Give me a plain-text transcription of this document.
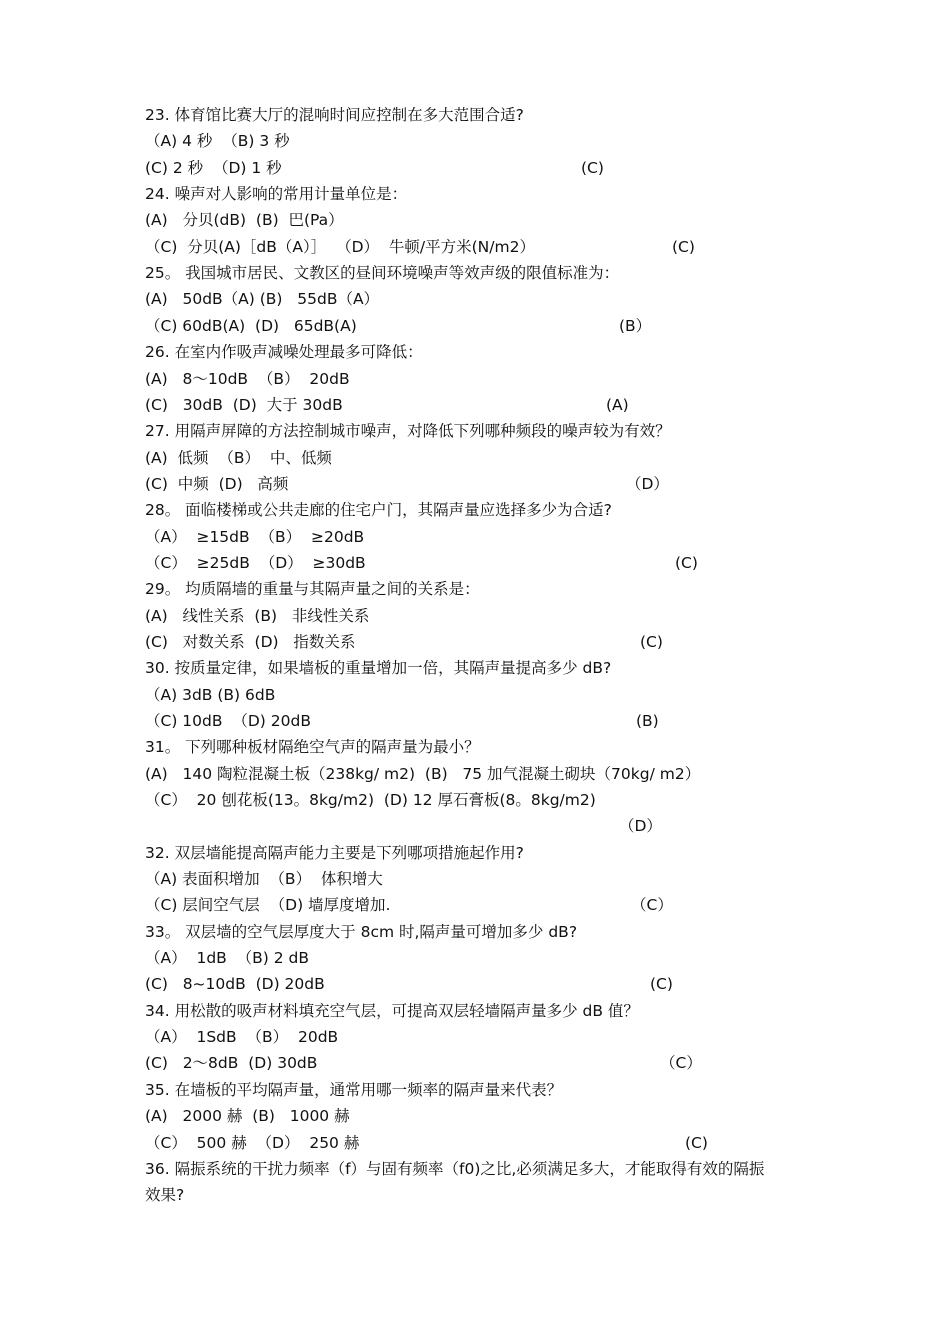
23. 体育馆比赛大厅的混响时间应控制在多大范围合适?
（A) 4 秒  （B) 3 秒
(C) 2 秒  （D) 1 秒	(C)
24. 噪声对人影响的常用计量单位是：
(A)   分贝(dB)  (B)  巴(Pa）
（C)  分贝(A)［dB（A）］  （D）  牛顿/平方米(N/m2）	(C)
25。 我国城市居民、文教区的昼间环境噪声等效声级的限值标准为：
(A)   50dB（A) (B)   55dB（A）
（C) 60dB(A)  (D)   65dB(A)	(B）
26. 在室内作吸声减噪处理最多可降低：
(A)   8～10dB  （B）  20dB
(C)   30dB  (D)  大于 30dB	(A)
27. 用隔声屏障的方法控制城市噪声，对降低下列哪种频段的噪声较为有效？
(A)  低频  （B）  中、低频
(C)  中频  (D)   高频	（D）
28。 面临楼梯或公共走廊的住宅户门，其隔声量应选择多少为合适?
（A）  ≥15dB  （B）  ≥20dB
（C）  ≥25dB  （D）  ≥30dB	(C)
29。 均质隔墙的重量与其隔声量之间的关系是：
(A)   线性关系  (B)   非线性关系
(C)   对数关系  (D)   指数关系	(C)
30. 按质量定律，如果墙板的重量增加一倍，其隔声量提高多少 dB?
（A) 3dB (B) 6dB
（C) 10dB  （D) 20dB	(B)
31。 下列哪种板材隔绝空气声的隔声量为最小？
(A)   140 陶粒混凝土板（238kg/ m2)  (B)   75 加气混凝土砌块（70kg/ m2）
（C）  20 刨花板(13。8kg/m2)  (D) 12 厚石膏板(8。8kg/m2)
（D）
32. 双层墙能提高隔声能力主要是下列哪项措施起作用?
（A) 表面积增加  （B）  体积增大
（C) 层间空气层  （D) 墙厚度增加.	（C）
33。 双层墙的空气层厚度大于 8cm 时,隔声量可增加多少 dB?
（A）  1dB  （B) 2 dB
(C)   8~10dB  (D) 20dB	(C)
34. 用松散的吸声材料填充空气层，可提高双层轻墙隔声量多少 dB 值？
（A）  1SdB  （B）  20dB
(C)   2～8dB  (D) 30dB	（C）
35. 在墙板的平均隔声量，通常用哪一频率的隔声量来代表？
(A)   2000 赫  (B)   1000 赫
（C）  500 赫  （D）  250 赫	(C)
36. 隔振系统的干扰力频率（f）与固有频率（f0)之比,必须满足多大，才能取得有效的隔振
效果?
